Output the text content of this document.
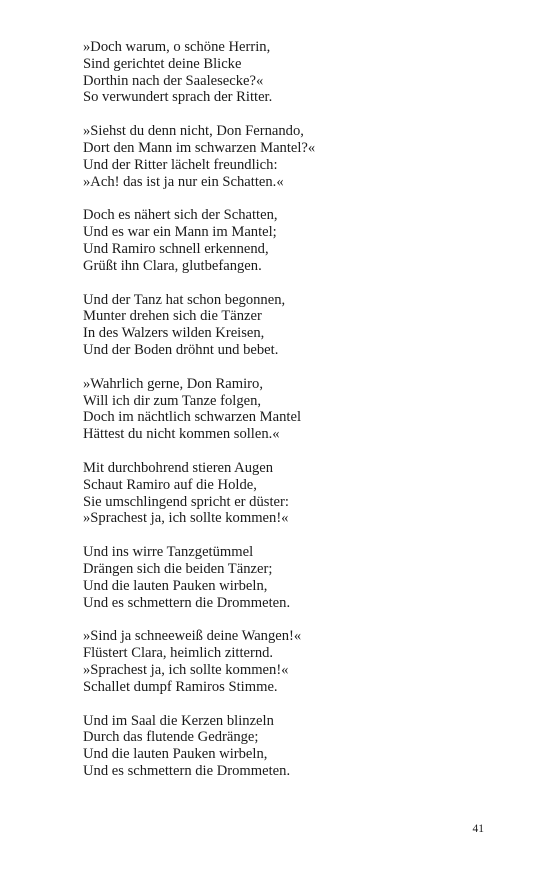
»Doch warum, o schöne Herrin,
Sind gerichtet deine Blicke
Dorthin nach der Saalesecke?«
So verwundert sprach der Ritter.
»Siehst du denn nicht, Don Fernando,
Dort den Mann im schwarzen Mantel?«
Und der Ritter lächelt freundlich:
»Ach! das ist ja nur ein Schatten.«
Doch es nähert sich der Schatten,
Und es war ein Mann im Mantel;
Und Ramiro schnell erkennend,
Grüßt ihn Clara, glutbefangen.
Und der Tanz hat schon begonnen,
Munter drehen sich die Tänzer
In des Walzers wilden Kreisen,
Und der Boden dröhnt und bebet.
»Wahrlich gerne, Don Ramiro,
Will ich dir zum Tanze folgen,
Doch im nächtlich schwarzen Mantel
Hättest du nicht kommen sollen.«
Mit durchbohrend stieren Augen
Schaut Ramiro auf die Holde,
Sie umschlingend spricht er düster:
»Sprachest ja, ich sollte kommen!«
Und ins wirre Tanzgetümmel
Drängen sich die beiden Tänzer;
Und die lauten Pauken wirbeln,
Und es schmettern die Drommeten.
»Sind ja schneeweiß deine Wangen!«
Flüstert Clara, heimlich zitternd.
»Sprachest ja, ich sollte kommen!«
Schallet dumpf Ramiros Stimme.
Und im Saal die Kerzen blinzeln
Durch das flutende Gedränge;
Und die lauten Pauken wirbeln,
Und es schmettern die Drommeten.
41
